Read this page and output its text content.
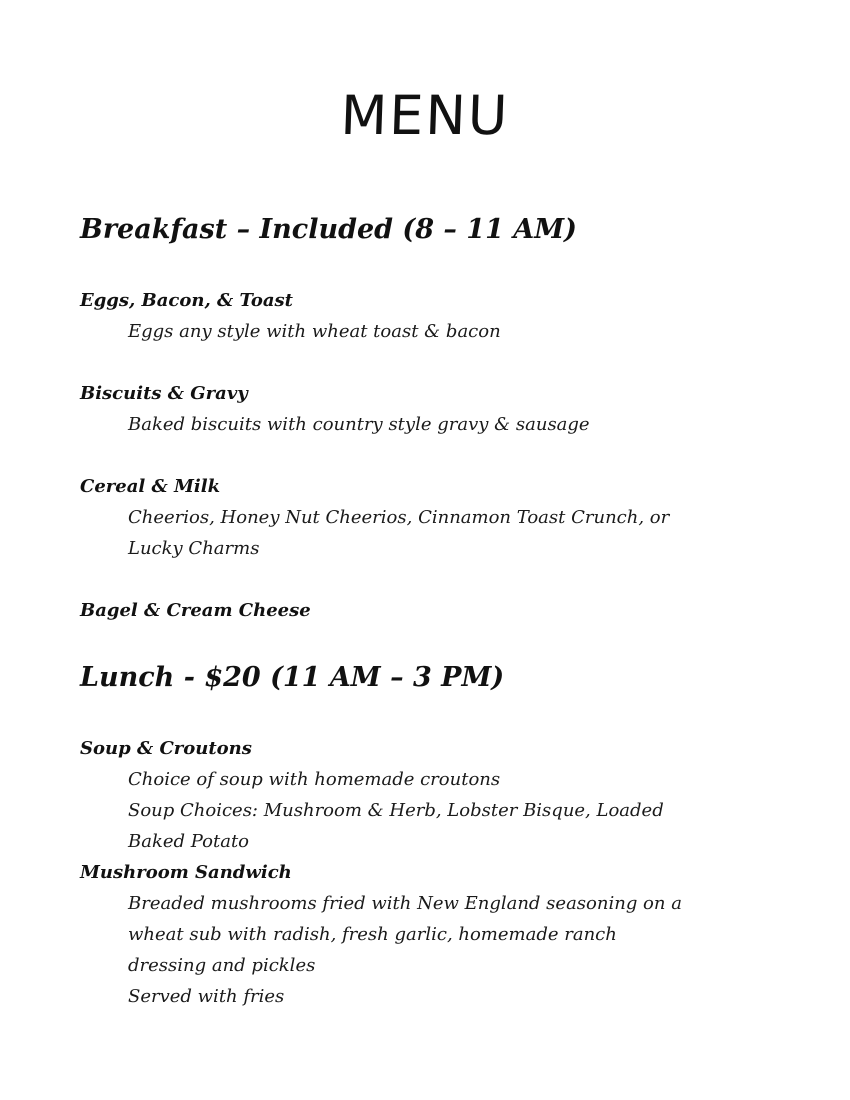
MENU
Breakfast – Included (8 – 11 AM)
Eggs, Bacon, & Toast
Eggs any style with wheat toast & bacon
Biscuits & Gravy
Baked biscuits with country style gravy & sausage
Cereal & Milk
Cheerios, Honey Nut Cheerios, Cinnamon Toast Crunch, or
Lucky Charms
Bagel & Cream Cheese
Lunch - $20 (11 AM – 3 PM)
Soup & Croutons
Choice of soup with homemade croutons
Soup Choices: Mushroom & Herb, Lobster Bisque, Loaded
Baked Potato
Mushroom Sandwich
Breaded mushrooms fried with New England seasoning on a
wheat sub with radish, fresh garlic, homemade ranch
dressing and pickles
Served with fries
